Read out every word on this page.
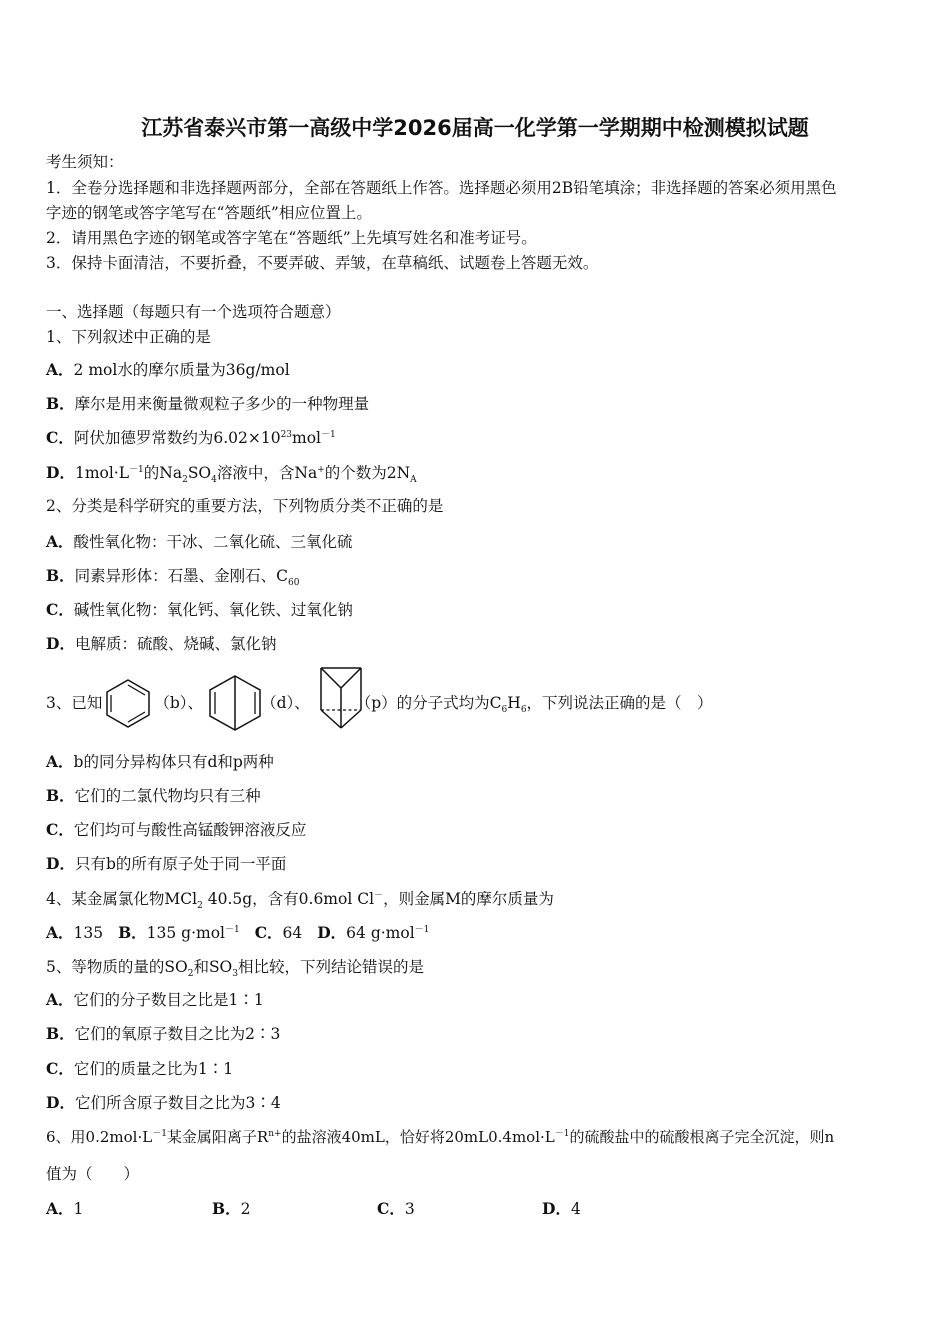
江苏省泰兴市第一高级中学2026届高一化学第一学期期中检测模拟试题
考生须知：
1．全卷分选择题和非选择题两部分，全部在答题纸上作答。选择题必须用2B铅笔填涂；非选择题的答案必须用黑色
字迹的钢笔或答字笔写在“答题纸”相应位置上。
2．请用黑色字迹的钢笔或答字笔在“答题纸”上先填写姓名和准考证号。
3．保持卡面清洁，不要折叠，不要弄破、弄皱，在草稿纸、试题卷上答题无效。
一、选择题（每题只有一个选项符合题意）
1、下列叙述中正确的是
A．2 mol水的摩尔质量为36g/mol
B．摩尔是用来衡量微观粒子多少的一种物理量
C．阿伏加德罗常数约为$6.02\times 10^{23}mol^{-1}$
D．$1mol\cdot L^{-1}$的$Na_2SO_4$溶液中，含Na+的个数为$2N_A$
2、分类是科学研究的重要方法，下列物质分类不正确的是
A．酸性氧化物：干冰、二氧化硫、三氧化硫
B．同素异形体：石墨、金刚石、$C_{60}$
C．碱性氧化物：氧化钙、氧化铁、过氧化钠
D．电解质：硫酸、烧碱、氯化钠
3、已知	（b）、	（d）、	（p）的分子式均为$C_6H_6$，下列说法正确的是（　）
A．b的同分异构体只有d和p两种
B．它们的二氯代物均只有三种
C．它们均可与酸性高锰酸钾溶液反应
D．只有b的所有原子处于同一平面
4、某金属氯化物MCl$_2$ 40.5g，含有0.6mol Cl－，则金属M的摩尔质量为
A．135 B．135 g·mol$^{-1}$ C．64 D．64 g·mol$^{-1}$
5、等物质的量的$SO_2$和$SO_3$相比较，下列结论错误的是
A．它们的分子数目之比是1∶1
B．它们的氧原子数目之比为2∶3
C．它们的质量之比为1∶1
D．它们所含原子数目之比为3∶4
6、用$0.2mol\cdot L^{-1}$某金属阳离子$R^{n+}$的盐溶液40mL，恰好将$20mL0.4mol\cdot L^{-1}$的硫酸盐中的硫酸根离子完全沉淀，则n
值为（　　）
A．1	B．2	C．3	D．4
